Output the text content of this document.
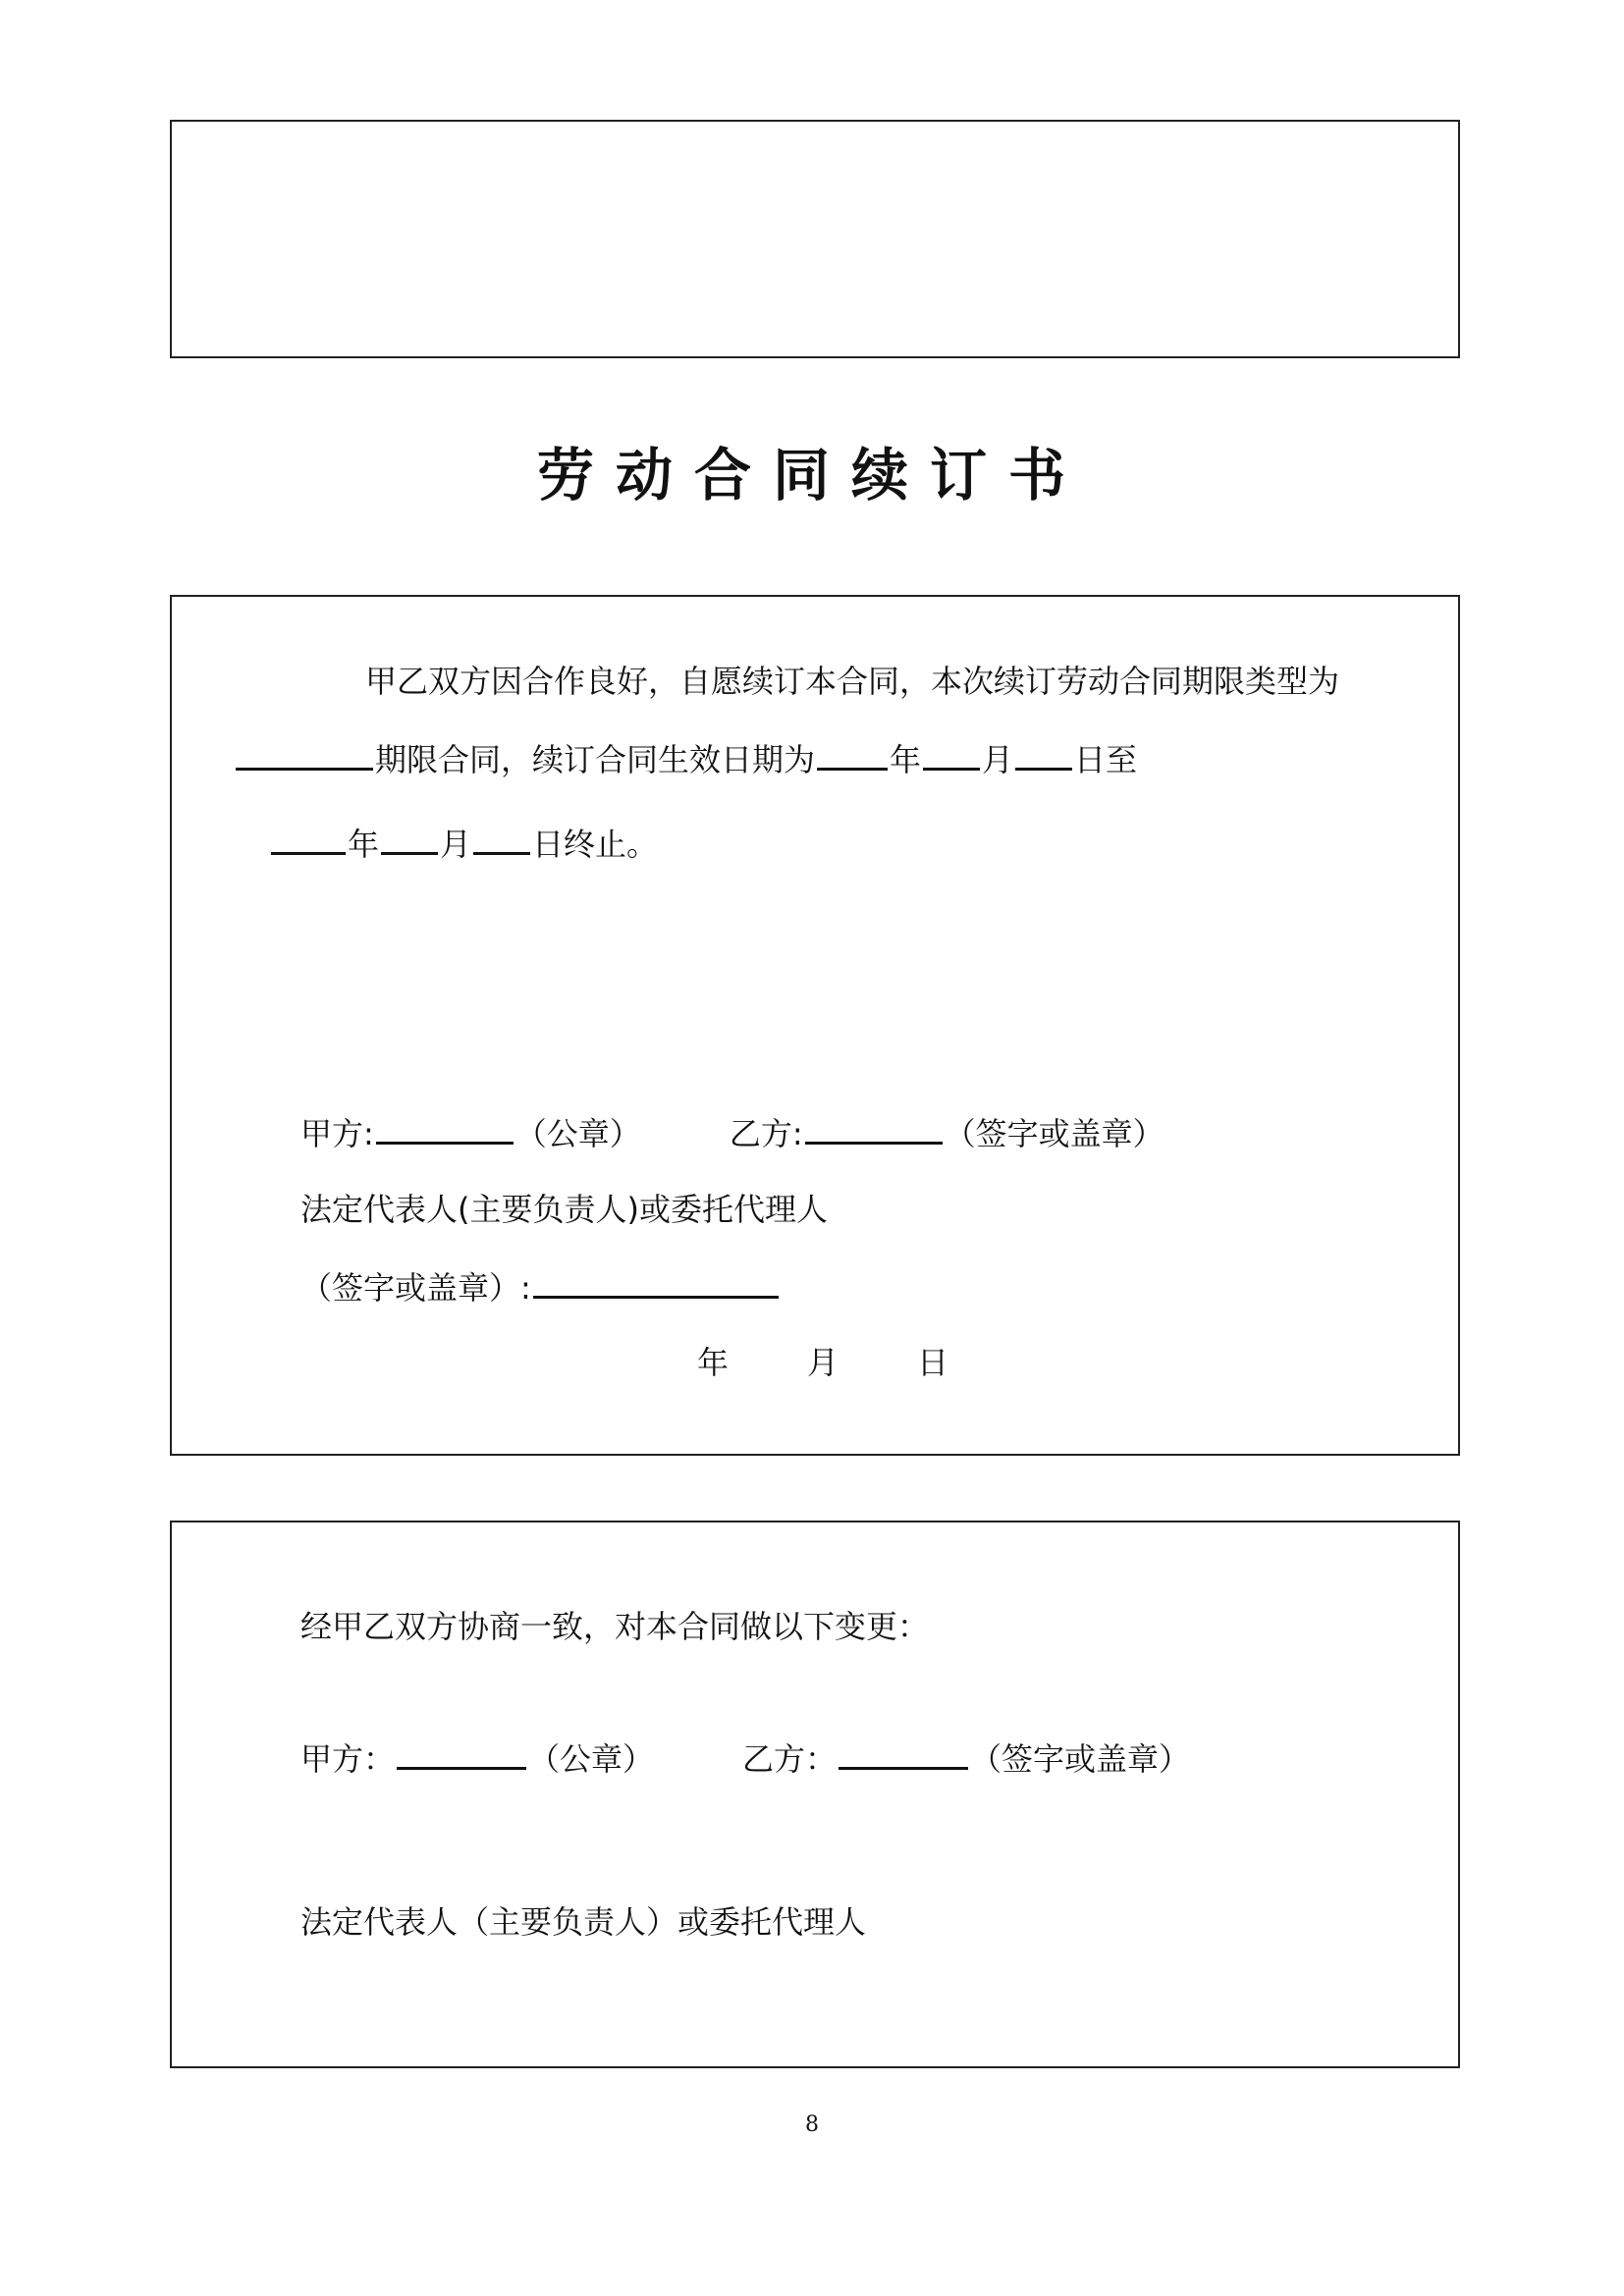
劳动合同续订书
甲乙双方因合作良好，自愿续订本合同，本次续订劳动合同期限类型为
期限合同，续订合同生效日期为 年 月 日至
年 月 日终止。
甲方:	（公章）	乙方:	（签字或盖章）
法定代表人(主要负责人)或委托代理人
（签字或盖章）:
年	月	日
经甲乙双方协商一致，对本合同做以下变更：
甲方：	（公章）	乙方：	（签字或盖章）
法定代表人（主要负责人）或委托代理人
8
